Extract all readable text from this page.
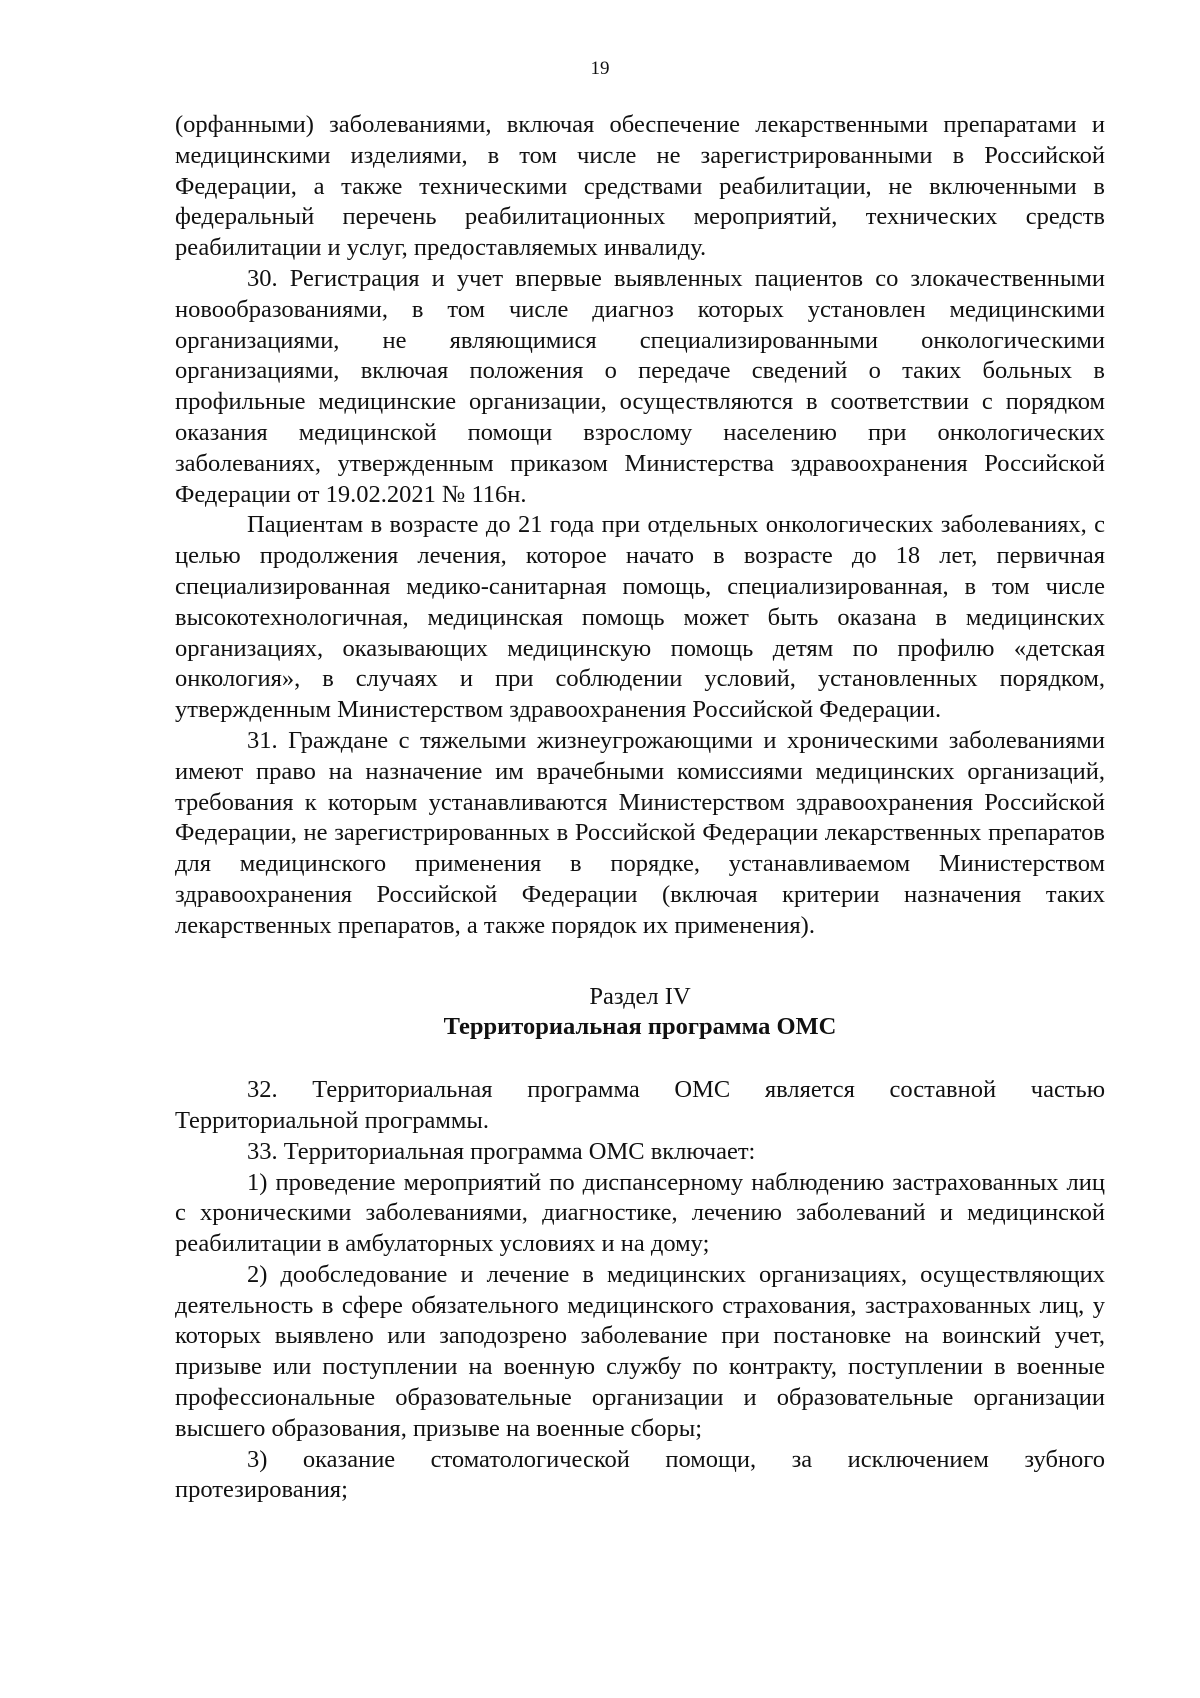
19

(орфанными) заболеваниями, включая обеспечение лекарственными препаратами и медицинскими изделиями, в том числе не зарегистрированными в Российской Федерации, а также техническими средствами реабилитации, не включенными в федеральный перечень реабилитационных мероприятий, технических средств реабилитации и услуг, предоставляемых инвалиду.

30. Регистрация и учет впервые выявленных пациентов со злокачественными новообразованиями, в том числе диагноз которых установлен медицинскими организациями, не являющимися специализированными онкологическими организациями, включая положения о передаче сведений о таких больных в профильные медицинские организации, осуществляются в соответствии с порядком оказания медицинской помощи взрослому населению при онкологических заболеваниях, утвержденным приказом Министерства здравоохранения Российской Федерации от 19.02.2021 № 116н.

Пациентам в возрасте до 21 года при отдельных онкологических заболеваниях, с целью продолжения лечения, которое начато в возрасте до 18 лет, первичная специализированная медико-санитарная помощь, специализированная, в том числе высокотехнологичная, медицинская помощь может быть оказана в медицинских организациях, оказывающих медицинскую помощь детям по профилю «детская онкология», в случаях и при соблюдении условий, установленных порядком, утвержденным Министерством здравоохранения Российской Федерации.

31. Граждане с тяжелыми жизнеугрожающими и хроническими заболеваниями имеют право на назначение им врачебными комиссиями медицинских организаций, требования к которым устанавливаются Министерством здравоохранения Российской Федерации, не зарегистрированных в Российской Федерации лекарственных препаратов для медицинского применения в порядке, устанавливаемом Министерством здравоохранения Российской Федерации (включая критерии назначения таких лекарственных препаратов, а также порядок их применения).

Раздел IV
Территориальная программа ОМС

32. Территориальная программа ОМС является составной частью Территориальной программы.

33. Территориальная программа ОМС включает:

1) проведение мероприятий по диспансерному наблюдению застрахованных лиц с хроническими заболеваниями, диагностике, лечению заболеваний и медицинской реабилитации в амбулаторных условиях и на дому;

2) дообследование и лечение в медицинских организациях, осуществляющих деятельность в сфере обязательного медицинского страхования, застрахованных лиц, у которых выявлено или заподозрено заболевание при постановке на воинский учет, призыве или поступлении на военную службу по контракту, поступлении в военные профессиональные образовательные организации и образовательные организации высшего образования, призыве на военные сборы;

3) оказание стоматологической помощи, за исключением зубного протезирования;
